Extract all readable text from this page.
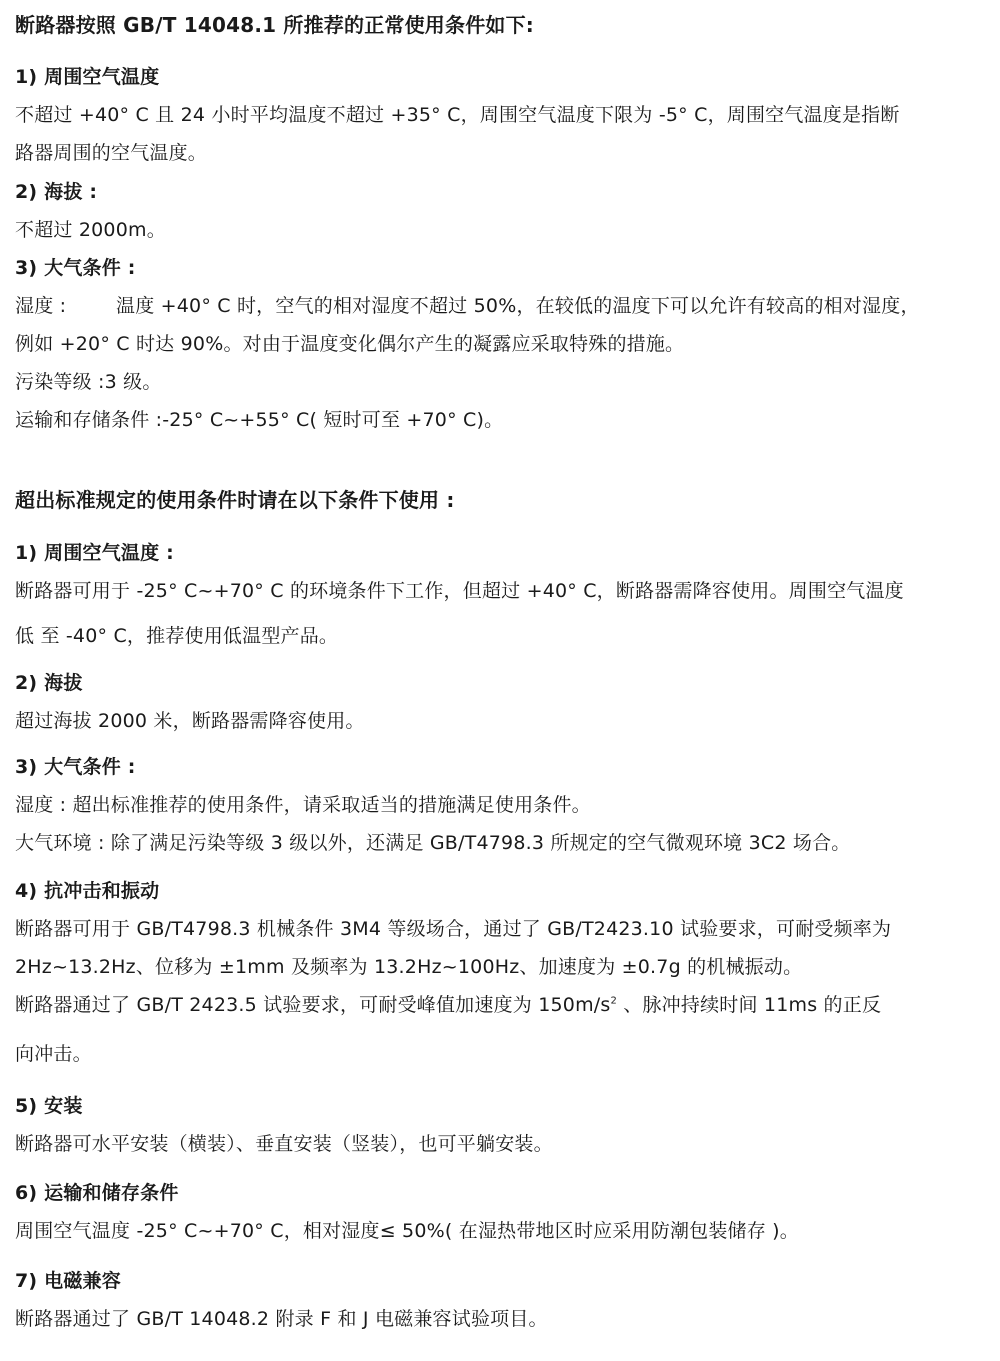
断路器按照 GB/T 14048.1 所推荐的正常使用条件如下:
1) 周围空气温度
不超过 +40° C 且 24 小时平均温度不超过 +35° C，周围空气温度下限为 -5° C，周围空气温度是指断
路器周围的空气温度。
2) 海拔 :
不超过 2000m。
3) 大气条件 :
湿度 :	温度 +40° C 时，空气的相对湿度不超过 50%，在较低的温度下可以允许有较高的相对湿度，
例如 +20° C 时达 90%。对由于温度变化偶尔产生的凝露应采取特殊的措施。
污染等级 :3 级。
运输和存储条件 :-25° C~+55° C( 短时可至 +70° C)。
超出标准规定的使用条件时请在以下条件下使用 :
1) 周围空气温度 :
断路器可用于 -25° C~+70° C 的环境条件下工作，但超过 +40° C，断路器需降容使用。周围空气温度
低 至 -40° C，推荐使用低温型产品。
2) 海拔
超过海拔 2000 米，断路器需降容使用。
3) 大气条件 :
湿度 : 超出标准推荐的使用条件，请采取适当的措施满足使用条件。
大气环境 : 除了满足污染等级 3 级以外，还满足 GB/T4798.3 所规定的空气微观环境 3C2 场合。
4) 抗冲击和振动
断路器可用于 GB/T4798.3 机械条件 3M4 等级场合，通过了 GB/T2423.10 试验要求，可耐受频率为
2Hz~13.2Hz、位移为 ±1mm 及频率为 13.2Hz~100Hz、加速度为 ±0.7g 的机械振动。
断路器通过了 GB/T 2423.5 试验要求，可耐受峰值加速度为 $150m/s^2$ 、脉冲持续时间 11ms 的正反
向冲击。
5) 安装
断路器可水平安装（横装）、垂直安装（竖装），也可平躺安装。
6) 运输和储存条件
周围空气温度 -25° C~+70° C，相对湿度≤ 50%( 在湿热带地区时应采用防潮包装储存 )。
7) 电磁兼容
断路器通过了 GB/T 14048.2 附录 F 和 J 电磁兼容试验项目。
